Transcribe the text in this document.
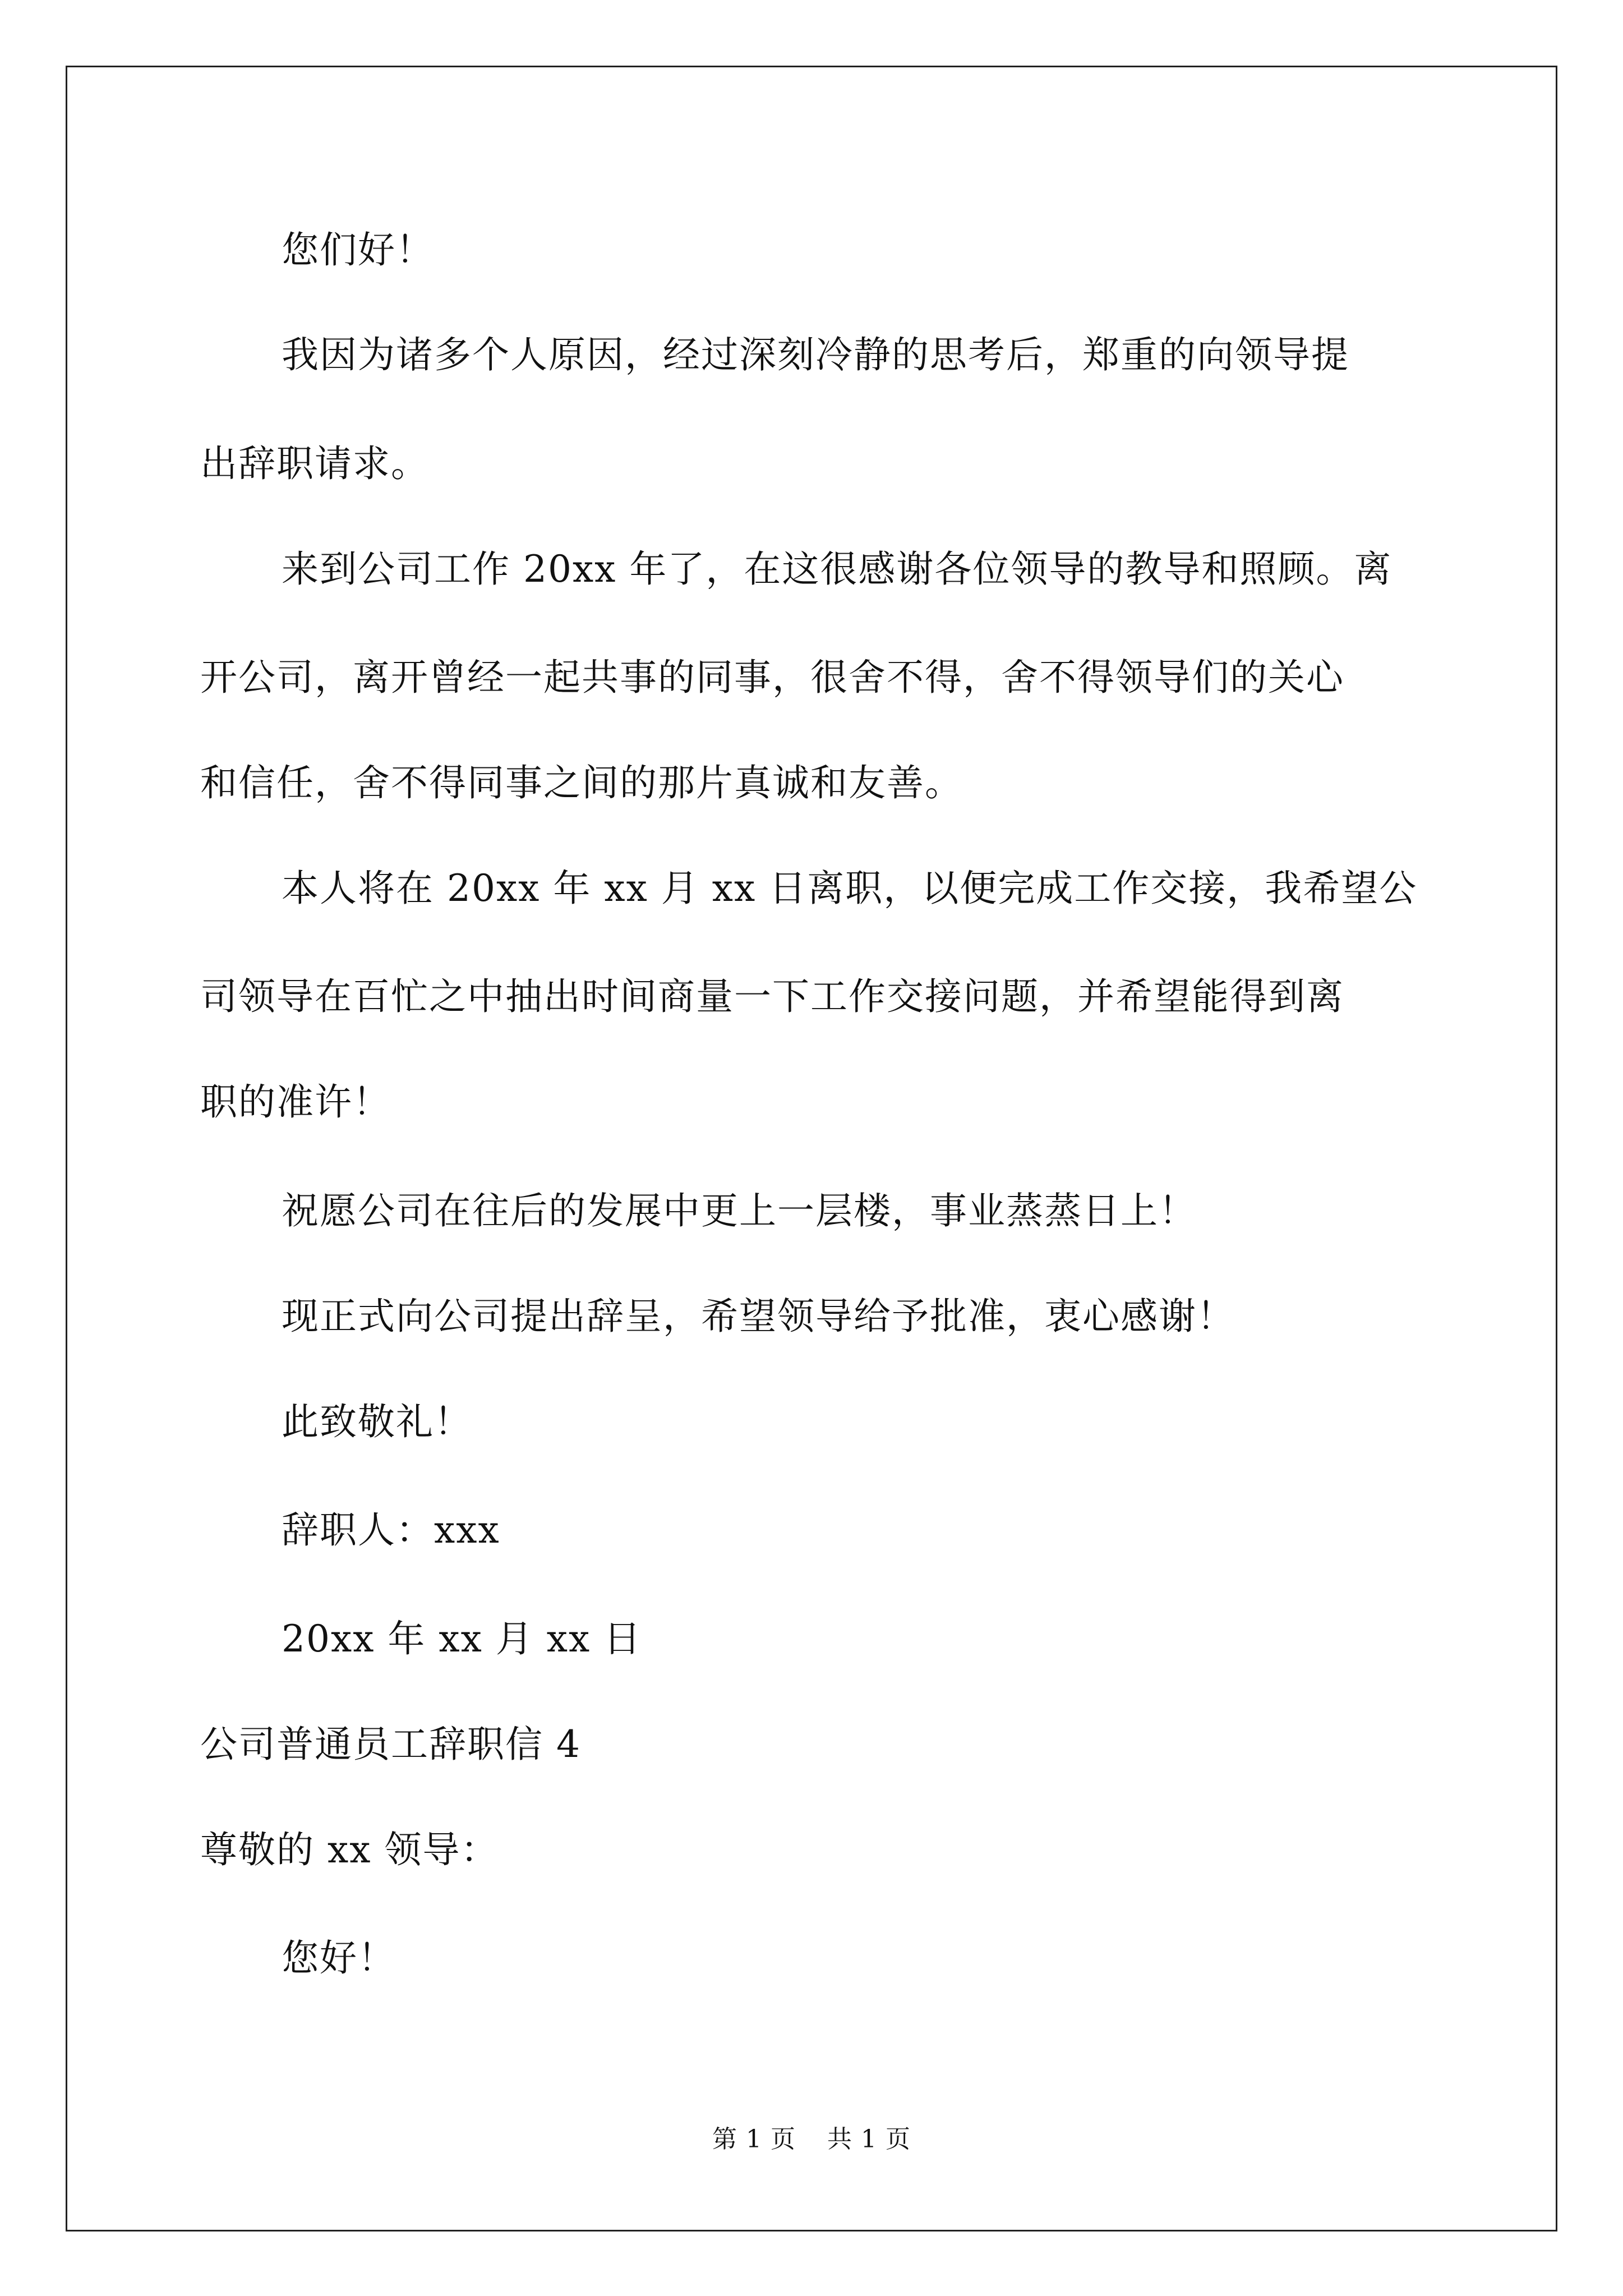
您们好！
我因为诸多个人原因，经过深刻冷静的思考后，郑重的向领导提
出辞职请求。
来到公司工作 20xx 年了，在这很感谢各位领导的教导和照顾。离
开公司，离开曾经一起共事的同事，很舍不得，舍不得领导们的关心
和信任，舍不得同事之间的那片真诚和友善。
本人将在 20xx 年 xx 月 xx 日离职，以便完成工作交接，我希望公
司领导在百忙之中抽出时间商量一下工作交接问题，并希望能得到离
职的准许！
祝愿公司在往后的发展中更上一层楼，事业蒸蒸日上！
现正式向公司提出辞呈，希望领导给予批准，衷心感谢！
此致敬礼！
辞职人：xxx
20xx 年 xx 月 xx 日
公司普通员工辞职信 4
尊敬的 xx 领导：
您好！
第 1 页 共 1 页
